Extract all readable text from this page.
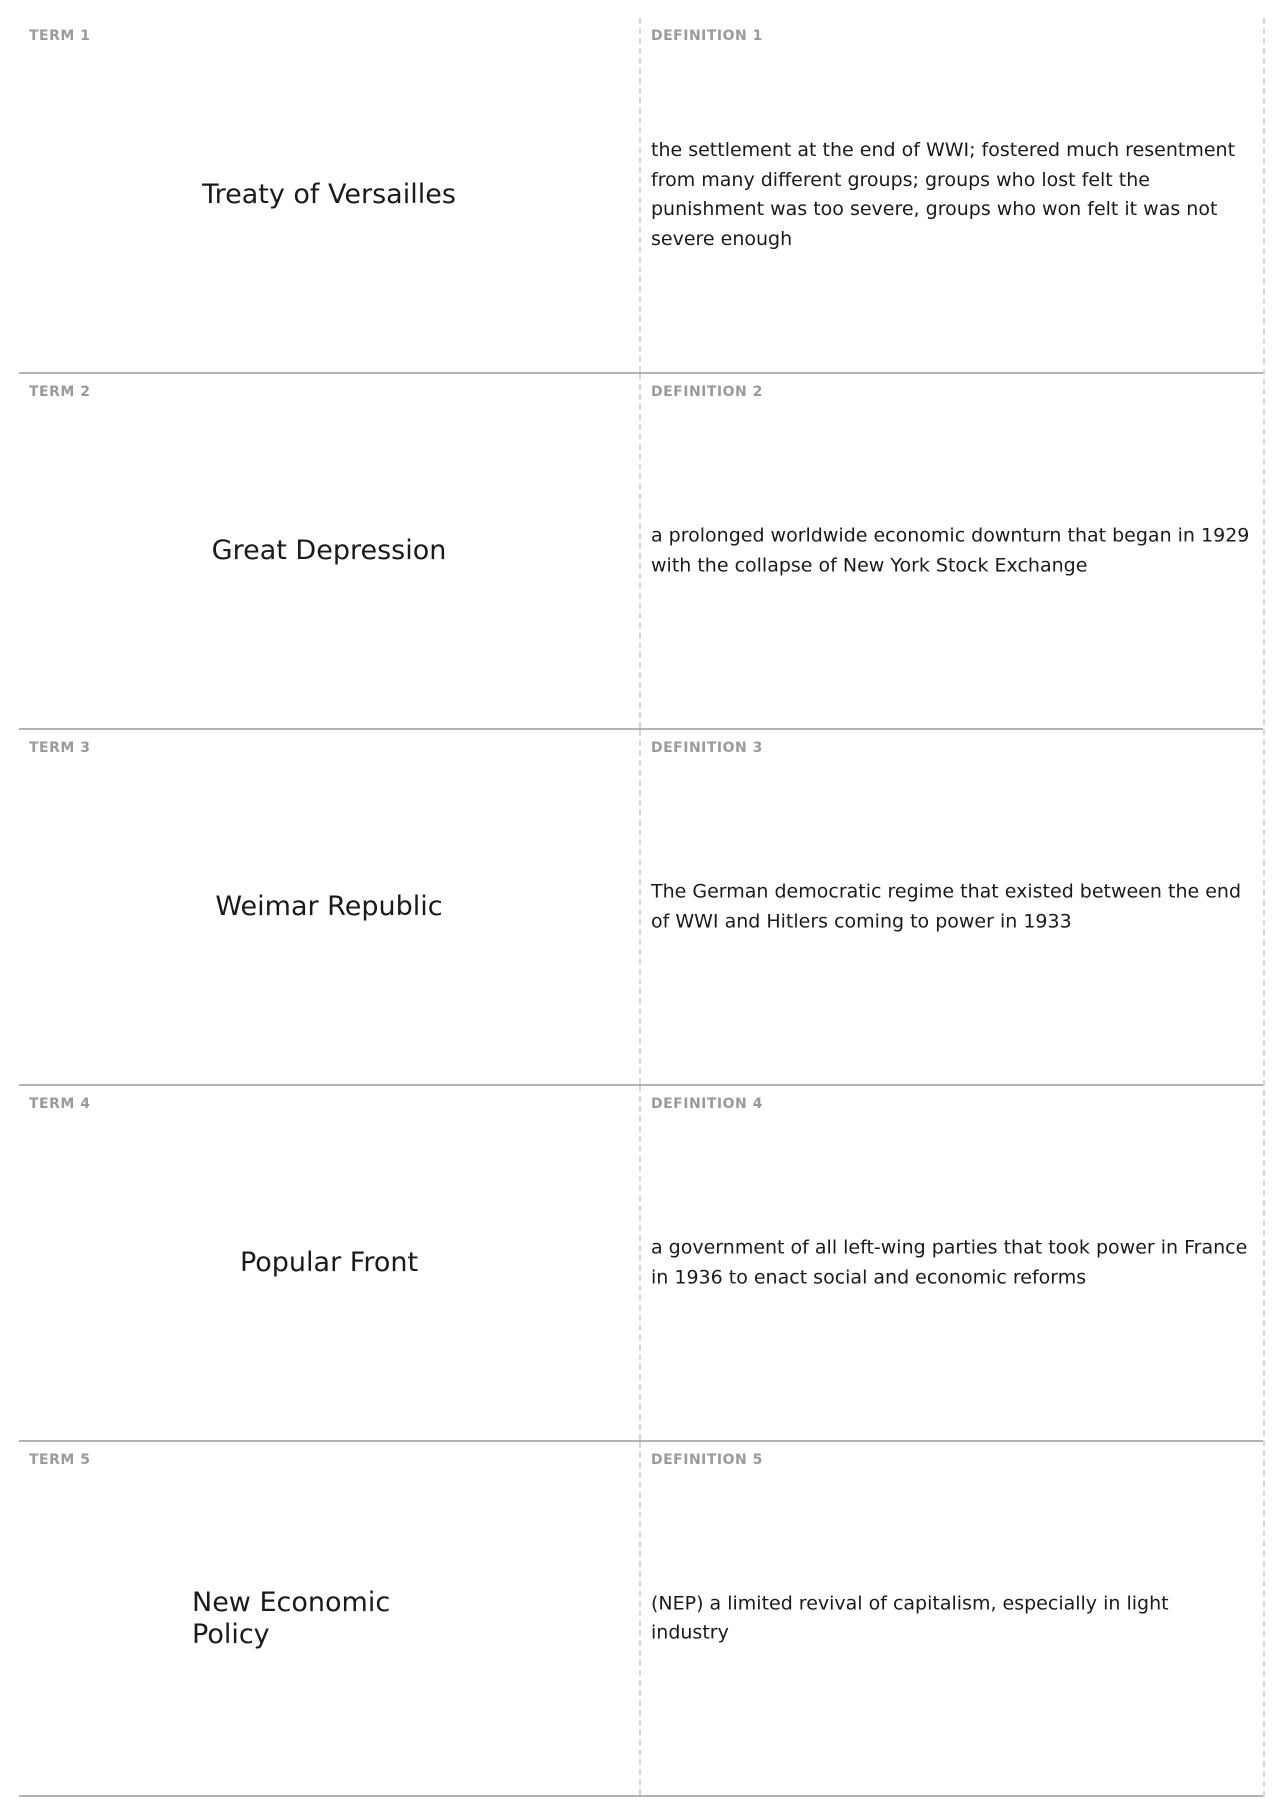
TERM 1
Treaty of Versailles
DEFINITION 1
the settlement at the end of WWI; fostered much resentment from many different groups; groups who lost felt the punishment was too severe, groups who won felt it was not severe enough
TERM 2
Great Depression
DEFINITION 2
a prolonged worldwide economic downturn that began in 1929 with the collapse of New York Stock Exchange
TERM 3
Weimar Republic
DEFINITION 3
The German democratic regime that existed between the end of WWI and Hitlers coming to power in 1933
TERM 4
Popular Front
DEFINITION 4
a government of all left-wing parties that took power in France in 1936 to enact social and economic reforms
TERM 5
New Economic Policy
DEFINITION 5
(NEP) a limited revival of capitalism, especially in light industry
